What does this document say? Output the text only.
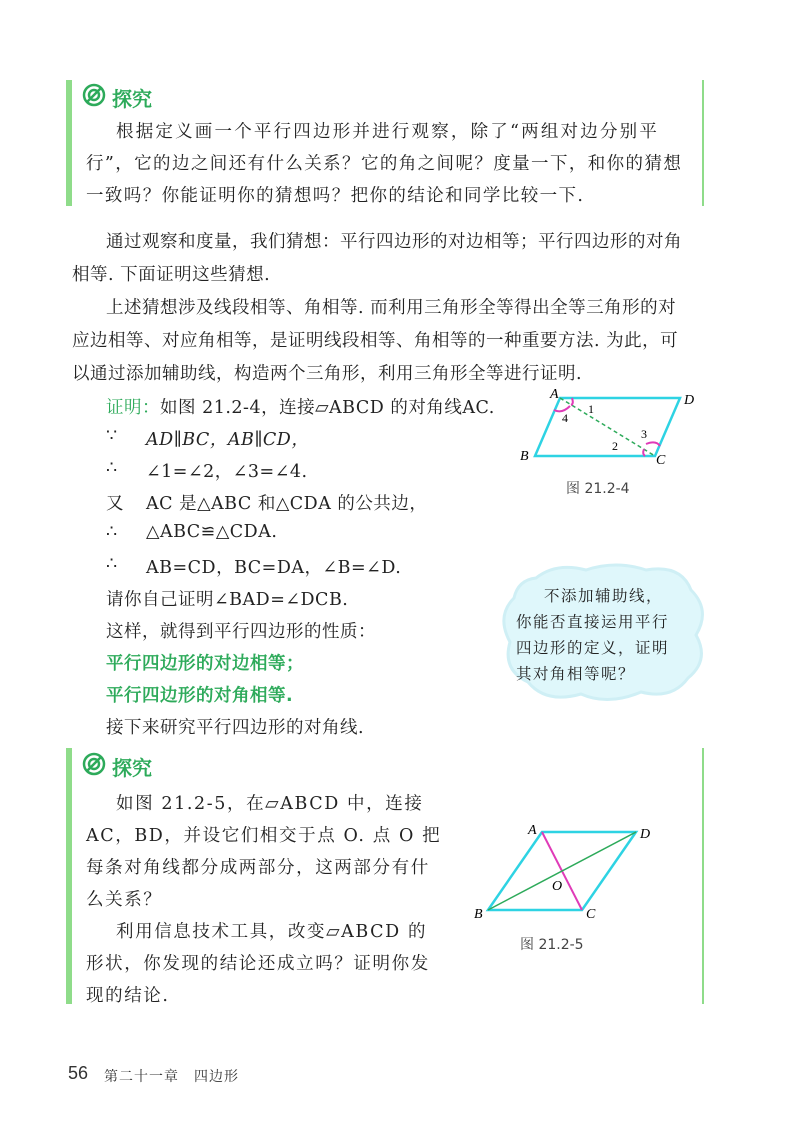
探究
根据定义画一个平行四边形并进行观察，除了“两组对边分别平
行”，它的边之间还有什么关系？它的角之间呢？度量一下，和你的猜想
一致吗？你能证明你的猜想吗？把你的结论和同学比较一下.
通过观察和度量，我们猜想：平行四边形的对边相等；平行四边形的对角
相等. 下面证明这些猜想.
上述猜想涉及线段相等、角相等. 而利用三角形全等得出全等三角形的对
应边相等、对应角相等，是证明线段相等、角相等的一种重要方法. 为此，可
以通过添加辅助线，构造两个三角形，利用三角形全等进行证明.
证明：如图 21.2-4，连接▱ABCD 的对角线AC.
∵ AD∥BC，AB∥CD，
∴ ∠1=∠2，∠3=∠4.
又 AC 是△ABC 和△CDA 的公共边，
∴ △ABC≌△CDA.
∴ AB=CD，BC=DA，∠B=∠D.
请你自己证明∠BAD=∠DCB.
这样，就得到平行四边形的性质：
平行四边形的对边相等；
平行四边形的对角相等.
接下来研究平行四边形的对角线.
A	D
B	C
1
4
2
3
图 21.2-4
不添加辅助线，
你能否直接运用平行
四边形的定义，证明
其对角相等呢？
探究
如图 21.2-5，在▱ABCD 中，连接
AC，BD，并设它们相交于点 O. 点 O 把
每条对角线都分成两部分，这两部分有什
么关系？
利用信息技术工具，改变▱ABCD 的
形状，你发现的结论还成立吗？证明你发
现的结论.
A	D
B	C
O
图 21.2-5
56 第二十一章　四边形
